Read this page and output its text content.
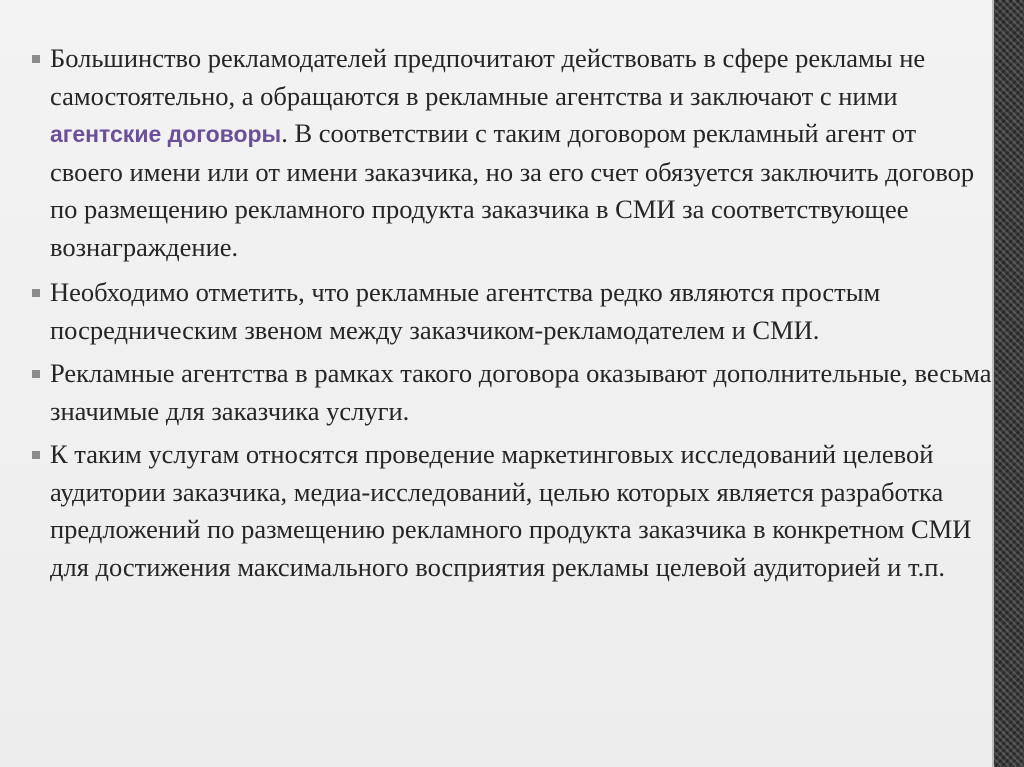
Большинство рекламодателей предпочитают действовать в сфере рекламы не самостоятельно, а обращаются в рекламные агентства и заключают с ними агентские договоры. В соответствии с таким договором рекламный агент от своего имени или от имени заказчика, но за его счет обязуется заключить договор по размещению рекламного продукта заказчика в СМИ за соответствующее вознаграждение.
Необходимо отметить, что рекламные агентства редко являются простым посредническим звеном между заказчиком-рекламодателем и СМИ.
Рекламные агентства в рамках такого договора оказывают дополнительные, весьма значимые для заказчика услуги.
К таким услугам относятся проведение маркетинговых исследований целевой аудитории заказчика, медиа-исследований, целью которых является разработка предложений по размещению рекламного продукта заказчика в конкретном СМИ для достижения максимального восприятия рекламы целевой аудиторией и т.п.
